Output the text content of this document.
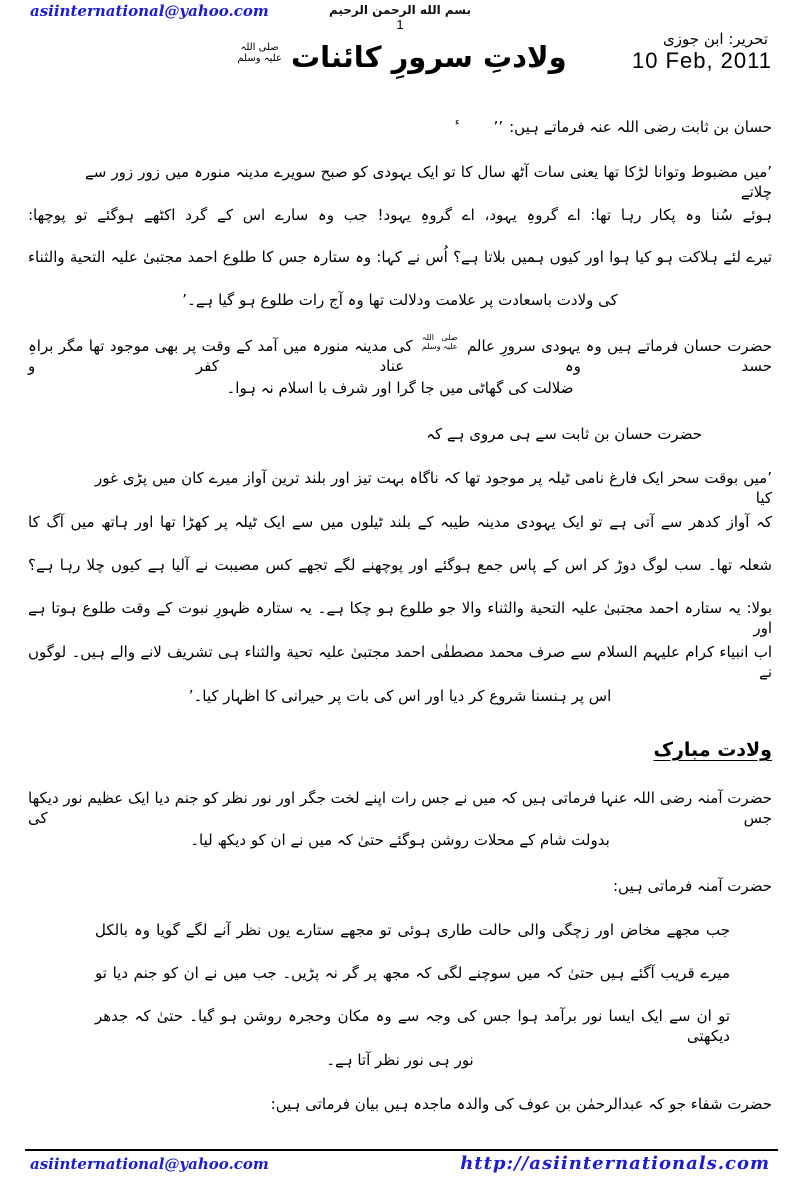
asiinternational@yahoo.com	بسم الله الرحمن الرحيم
1
تحریر: ابن جوزی
10 Feb, 2011
ولادتِ سرورِ کائنات صلی اللہ
علیہ وسلم
حسان بن ثابت رضی اللہ عنہ فرماتے ہیں:’’$^ء$
’میں مضبوط وتوانا لڑکا تھا یعنی سات آٹھ سال کا تو ایک یہودی کو صبح سویرے مدینہ منورہ میں زور زور سے چلاتے
ہوئے سُنا وہ پکار رہا تھا: اے گروہِ یہود، اے گروہِ یہود! جب وہ سارے اس کے گرد اکٹھے ہوگئے تو پوچھا:
تیرے لئے ہلاکت ہو کیا ہوا اور کیوں ہمیں بلاتا ہے؟ اُس نے کہا: وہ ستارہ جس کا طلوع احمد مجتبیٰ علیہ التحیة والثناء
کی ولادت باسعادت پر علامت ودلالت تھا وہ آج رات طلوع ہو گیا ہے۔’
حضرت حسان فرماتے ہیں وہ یہودی سرورِ عالم صلی اللہ
علیہ وسلم کی مدینہ منورہ میں آمد کے وقت پر بھی موجود تھا مگر براہِ حسد وہ عناد کفر و
ضلالت کی گھاٹی میں جا گرا اور شرف با اسلام نہ ہوا۔
حضرت حسان بن ثابت سے ہی مروی ہے کہ
’میں بوقت سحر ایک فارغ نامی ٹیلہ پر موجود تھا کہ ناگاہ بہت تیز اور بلند ترین آواز میرے کان میں پڑی غور کیا
کہ آواز کدھر سے آتی ہے تو ایک یہودی مدینہ طیبہ کے بلند ٹیلوں میں سے ایک ٹیلہ پر کھڑا تھا اور ہاتھ میں آگ کا
شعلہ تھا۔ سب لوگ دوڑ کر اس کے پاس جمع ہوگئے اور پوچھنے لگے تجھے کس مصیبت نے آلیا ہے کیوں چلا رہا ہے؟
بولا: یہ ستارہ احمد مجتبیٰ علیہ التحیة والثناء والا جو طلوع ہو چکا ہے۔ یہ ستارہ ظہورِ نبوت کے وقت طلوع ہوتا ہے اور
اب انبیاء کرام علیہم السلام سے صرف محمد مصطفٰی احمد مجتبیٰ علیہ تحیة والثناء ہی تشریف لانے والے ہیں۔ لوگوں نے
اس پر ہنسنا شروع کر دیا اور اس کی بات پر حیرانی کا اظہار کیا۔’
ولادت مبارک
حضرت آمنہ رضی اللہ عنہا فرماتی ہیں کہ میں نے جس رات اپنے لخت جگر اور نور نظر کو جنم دیا ایک عظیم نور دیکھا جس کی
بدولت شام کے محلات روشن ہوگئے حتیٰ کہ میں نے ان کو دیکھ لیا۔
حضرت آمنہ فرماتی ہیں:
جب مجھے مخاض اور زچگی والی حالت طاری ہوئی تو مجھے ستارے یوں نظر آنے لگے گویا وہ بالکل
میرے قریب آگئے ہیں حتیٰ کہ میں سوچنے لگی کہ مجھ پر گر نہ پڑیں۔ جب میں نے ان کو جنم دیا تو
تو ان سے ایک ایسا نور برآمد ہوا جس کی وجہ سے وہ مکان وحجرہ روشن ہو گیا۔ حتیٰ کہ جدھر دیکھتی
نور ہی نور نظر آتا ہے۔
حضرت شفاء جو کہ عبدالرحمٰن بن عوف کی والدہ ماجدہ ہیں بیان فرماتی ہیں:
asiinternational@yahoo.com	http://asiinternationals.com
